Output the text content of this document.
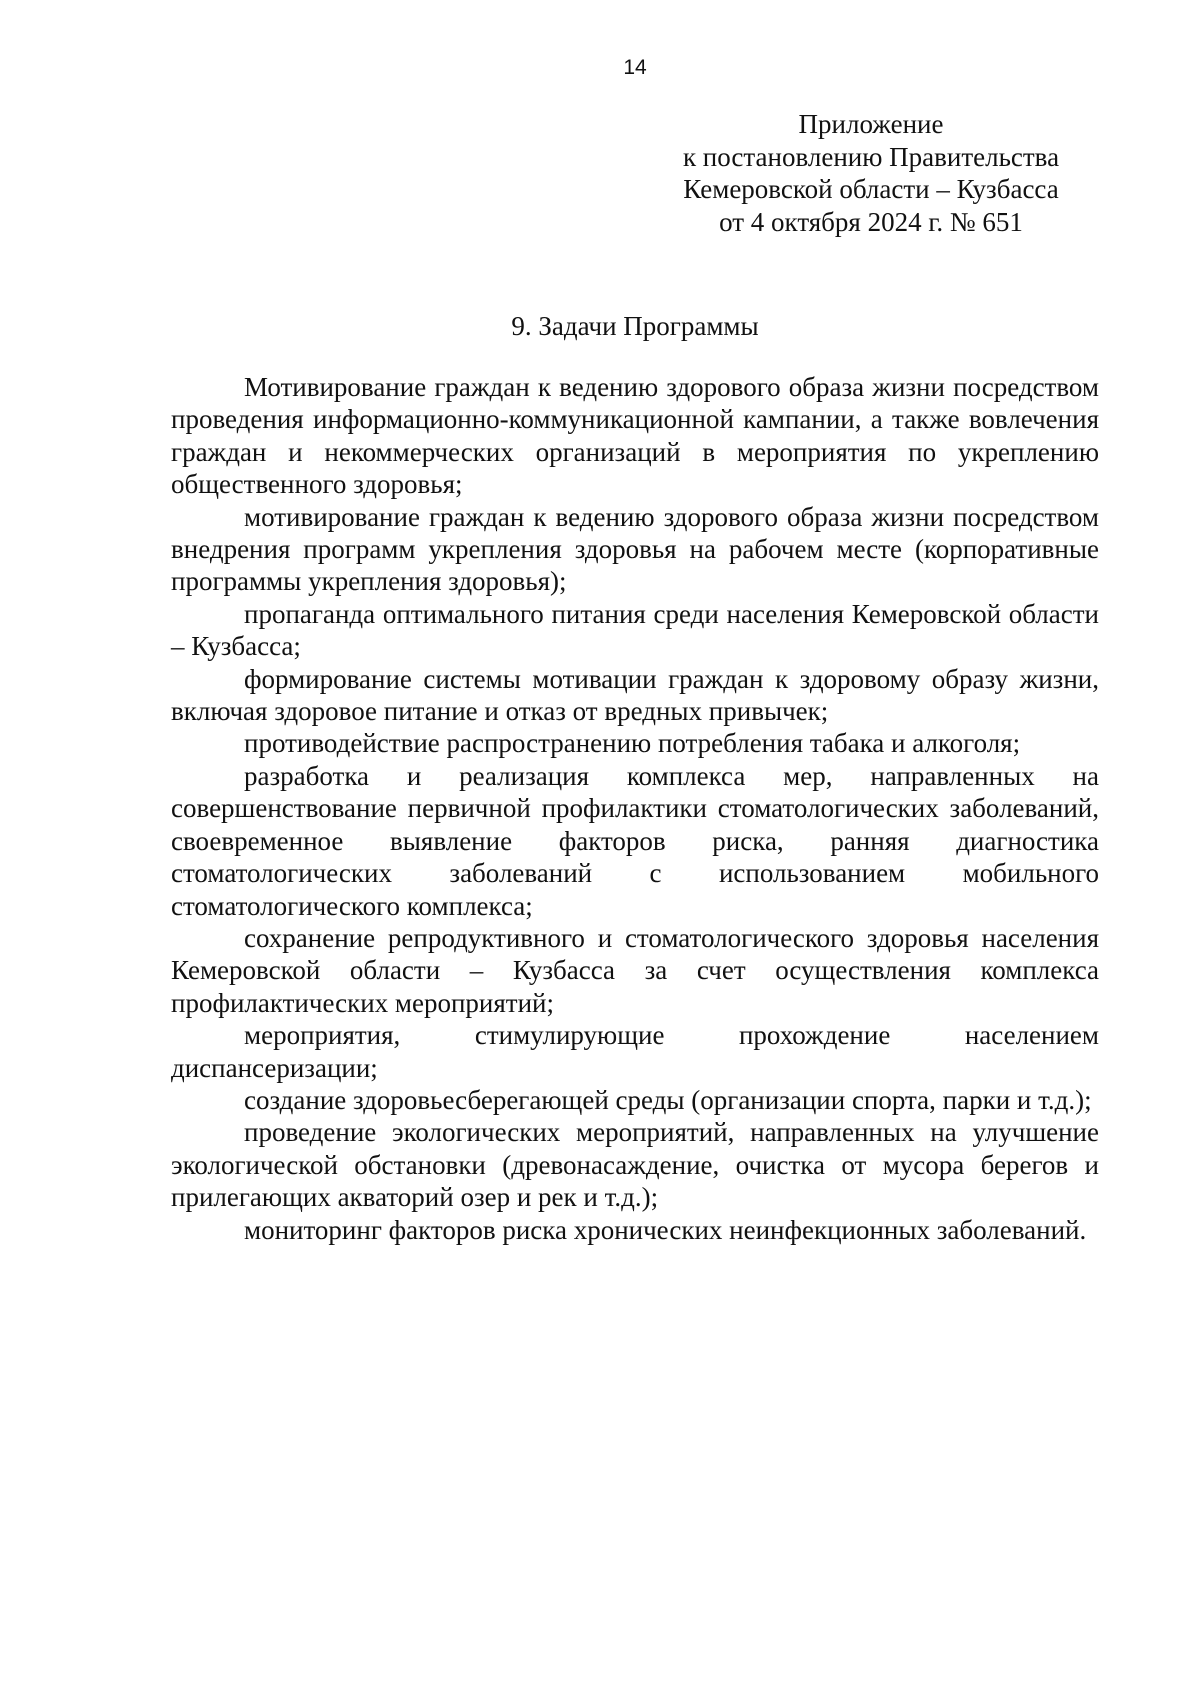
14
Приложение
к постановлению Правительства
Кемеровской области – Кузбасса
от 4 октября 2024 г. № 651
9. Задачи Программы

Мотивирование граждан к ведению здорового образа жизни посредством проведения информационно-коммуникационной кампании, а также вовлечения граждан и некоммерческих организаций в мероприятия по укреплению общественного здоровья;

мотивирование граждан к ведению здорового образа жизни посредством внедрения программ укрепления здоровья на рабочем месте (корпоративные программы укрепления здоровья);

пропаганда оптимального питания среди населения Кемеровской области – Кузбасса;

формирование системы мотивации граждан к здоровому образу жизни, включая здоровое питание и отказ от вредных привычек;

противодействие распространению потребления табака и алкоголя;

разработка и реализация комплекса мер, направленных на совершенствование первичной профилактики стоматологических заболеваний, своевременное выявление факторов риска, ранняя диагностика стоматологических заболеваний с использованием мобильного стоматологического комплекса;

сохранение репродуктивного и стоматологического здоровья населения Кемеровской области – Кузбасса за счет осуществления комплекса профилактических мероприятий;

мероприятия, стимулирующие прохождение населением диспансеризации;

создание здоровьесберегающей среды (организации спорта, парки и т.д.);

проведение экологических мероприятий, направленных на улучшение экологической обстановки (древонасаждение, очистка от мусора берегов и прилегающих акваторий озер и рек и т.д.);

мониторинг факторов риска хронических неинфекционных заболеваний.
